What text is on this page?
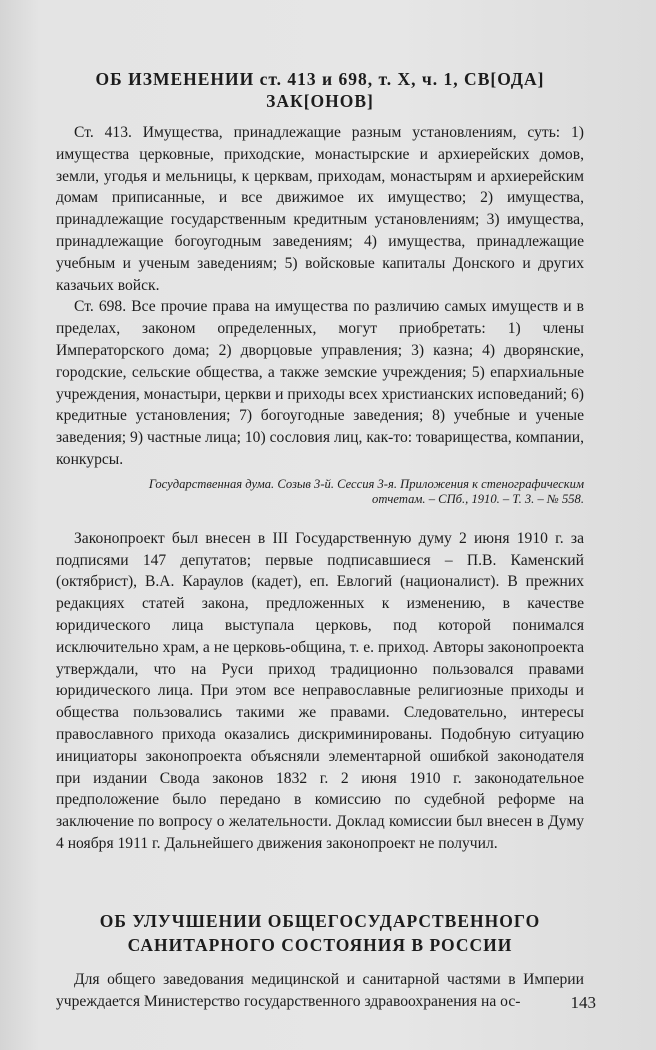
ОБ ИЗМЕНЕНИИ ст. 413 и 698, т. X, ч. 1, СВ[ОДА]
ЗАК[ОНОВ]

Ст. 413. Имущества, принадлежащие разным установлениям, суть: 1) имущества церковные, приходские, монастырские и архиерейских домов, земли, угодья и мельницы, к церквам, приходам, монастырям и архиерейским домам приписанные, и все движимое их имущество; 2) имущества, принадлежащие государственным кредитным установлениям; 3) имущества, принадлежащие богоугодным заведениям; 4) имущества, принадлежащие учебным и ученым заведениям; 5) войсковые капиталы Донского и других казачьих войск.

Ст. 698. Все прочие права на имущества по различию самых имуществ и в пределах, законом определенных, могут приобретать: 1) члены Императорского дома; 2) дворцовые управления; 3) казна; 4) дворянские, городские, сельские общества, а также земские учреждения; 5) епархиальные учреждения, монастыри, церкви и приходы всех христианских исповеданий; 6) кредитные установления; 7) богоугодные заведения; 8) учебные и ученые заведения; 9) частные лица; 10) сословия лиц, как-то: товарищества, компании, конкурсы.

Государственная дума. Созыв 3-й. Сессия 3-я. Приложения к стенографическим
отчетам. – СПб., 1910. – Т. 3. – № 558.

Законопроект был внесен в III Государственную думу 2 июня 1910 г. за подписями 147 депутатов; первые подписавшиеся – П.В. Каменский (октябрист), В.А. Караулов (кадет), еп. Евлогий (националист). В прежних редакциях статей закона, предложенных к изменению, в качестве юридического лица выступала церковь, под которой понимался исключительно храм, а не церковь-община, т. е. приход. Авторы законопроекта утверждали, что на Руси приход традиционно пользовался правами юридического лица. При этом все неправославные религиозные приходы и общества пользовались такими же правами. Следовательно, интересы православного прихода оказались дискриминированы. Подобную ситуацию инициаторы законопроекта объясняли элементарной ошибкой законодателя при издании Свода законов 1832 г. 2 июня 1910 г. законодательное предположение было передано в комиссию по судебной реформе на заключение по вопросу о желательности. Доклад комиссии был внесен в Думу 4 ноября 1911 г. Дальнейшего движения законопроект не получил.

ОБ УЛУЧШЕНИИ ОБЩЕГОСУДАРСТВЕННОГО
САНИТАРНОГО СОСТОЯНИЯ В РОССИИ

Для общего заведования медицинской и санитарной частями в Империи учреждается Министерство государственного здравоохранения на ос-	143
